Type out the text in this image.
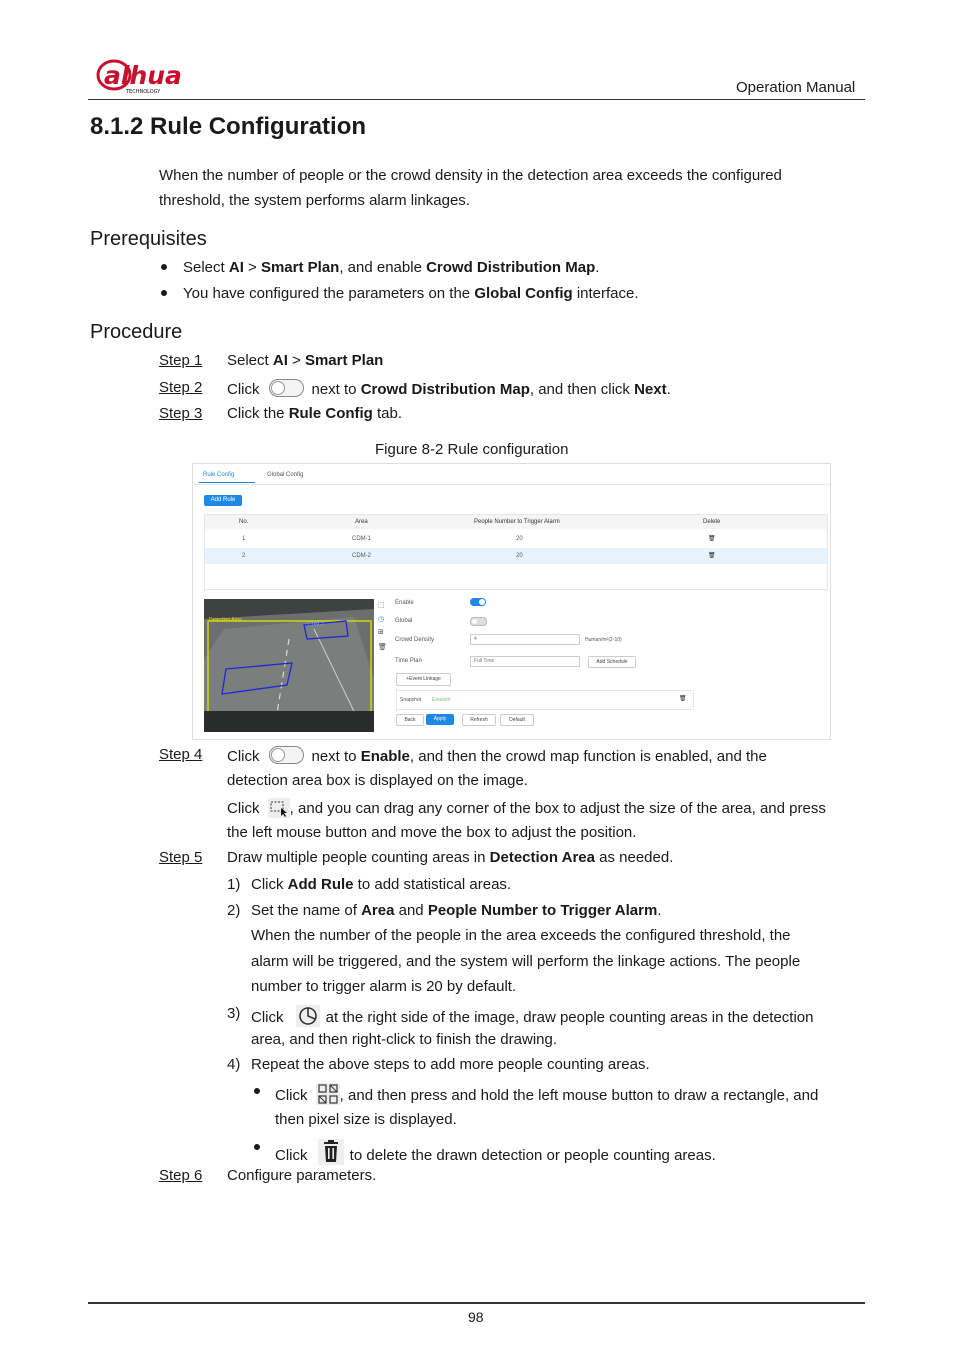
alhua
TECHNOLOGY	Operation Manual
8.1.2 Rule Configuration
When the number of people or the crowd density in the detection area exceeds the configured
threshold, the system performs alarm linkages.
Prerequisites
Select AI > Smart Plan, and enable Crowd Distribution Map.
You have configured the parameters on the Global Config interface.
Procedure
Step 1 Select AI > Smart Plan
Step 2 Click	next to Crowd Distribution Map, and then click Next.
Step 3 Click the Rule Config tab.
Figure 8-2 Rule configuration
Rule Config	Global Config
Add Rule
No.	Area	People Number to Trigger Alarm	Delete
1	CDM-1	20	🗑
2	CDM-2	20	🗑
Detection Area
CDM-2
⬚
◷
⊞
🗑
Enable
Global
Crowd Density	4	Human/m²(2-10)
Time Plan	Full Time	Add Schedule
+Event Linkage
Snapshot Enabled	🗑
Back	Apply	Refresh	Default
Step 4 Click	next to Enable, and then the crowd map function is enabled, and the
detection area box is displayed on the image.
Click , and you can drag any corner of the box to adjust the size of the area, and press
the left mouse button and move the box to adjust the position.
Step 5 Draw multiple people counting areas in Detection Area as needed.
1) Click Add Rule to add statistical areas.
2) Set the name of Area and People Number to Trigger Alarm.
When the number of the people in the area exceeds the configured threshold, the
alarm will be triggered, and the system will perform the linkage actions. The people
number to trigger alarm is 20 by default.
3) Click	at the right side of the image, draw people counting areas in the detection
area, and then right-click to finish the drawing.
4) Repeat the above steps to add more people counting areas.
Click , and then press and hold the left mouse button to draw a rectangle, and
then pixel size is displayed.
Click	to delete the drawn detection or people counting areas.
Step 6 Configure parameters.
98
